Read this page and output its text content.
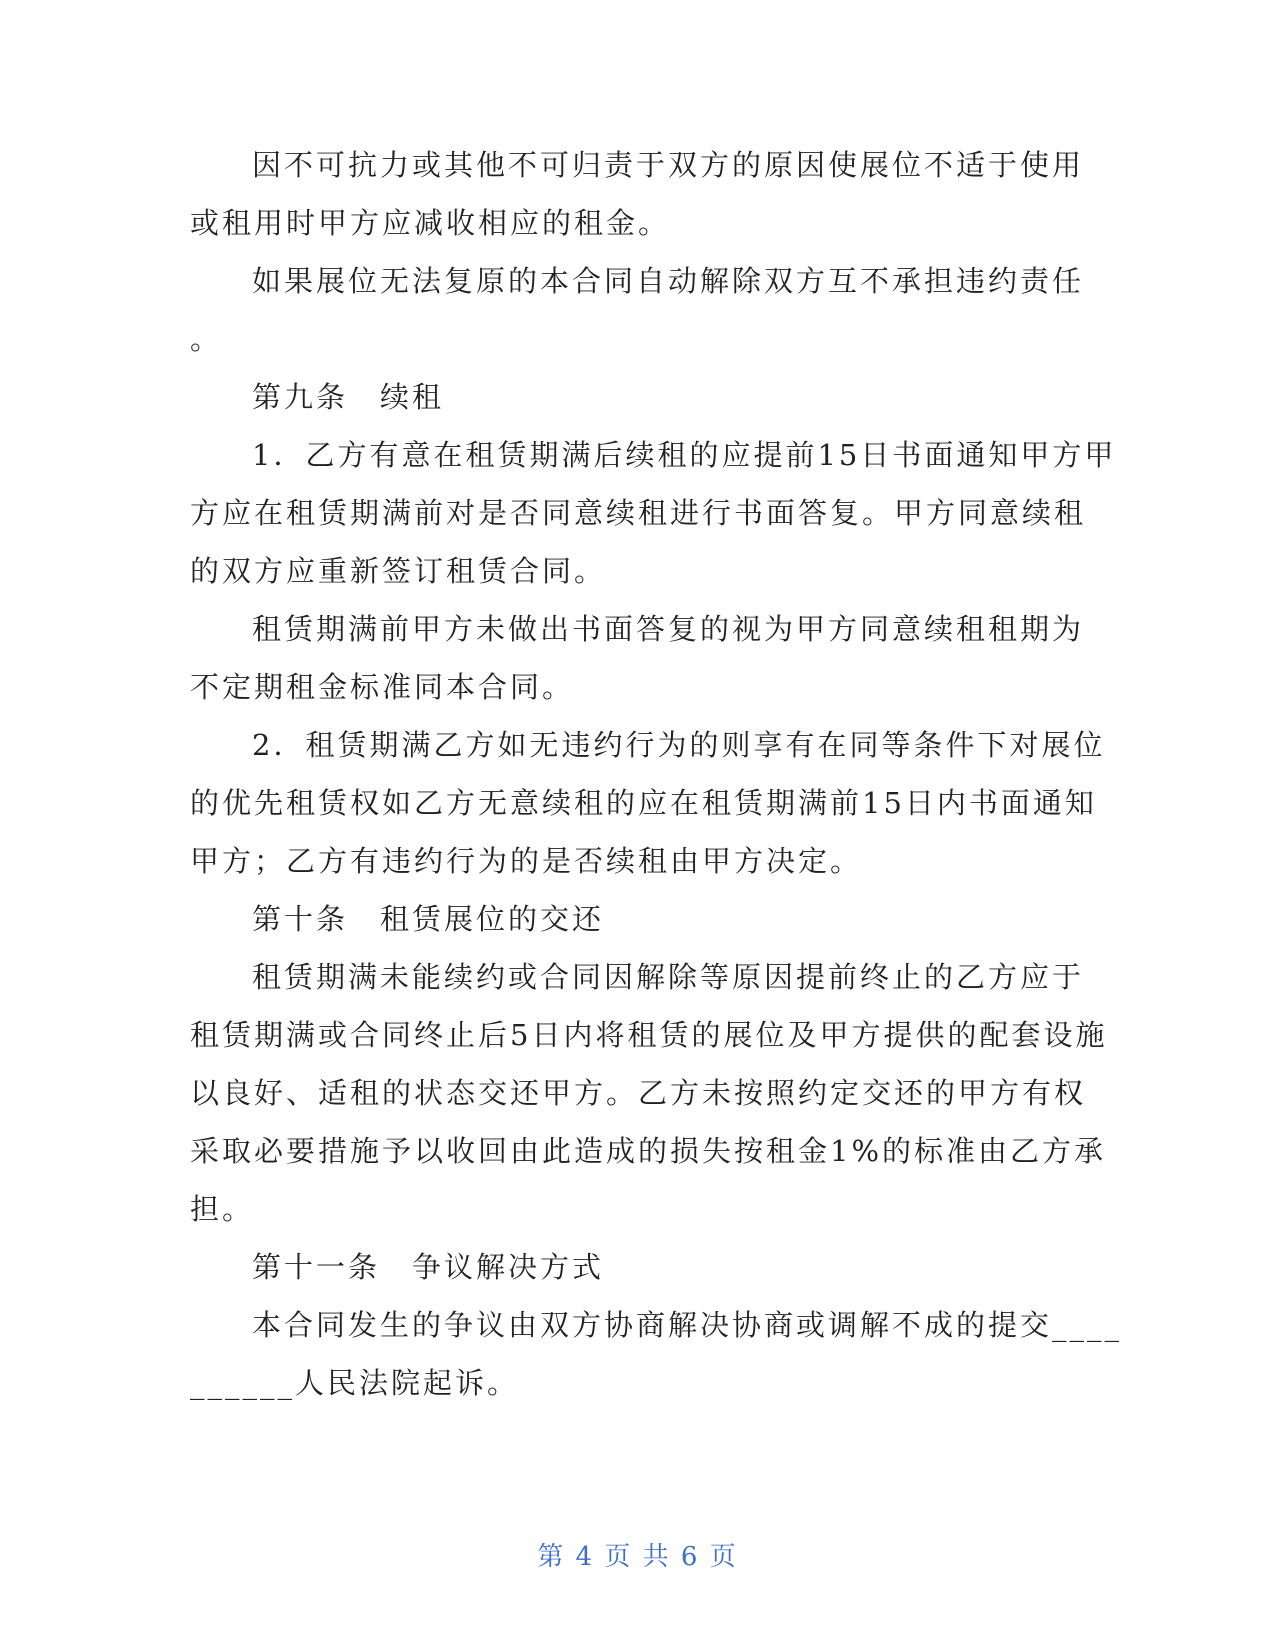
因不可抗力或其他不可归责于双方的原因使展位不适于使用
或租用时甲方应减收相应的租金。
如果展位无法复原的本合同自动解除双方互不承担违约责任
。
第九条　续租
1．乙方有意在租赁期满后续租的应提前15日书面通知甲方甲
方应在租赁期满前对是否同意续租进行书面答复。甲方同意续租
的双方应重新签订租赁合同。
租赁期满前甲方未做出书面答复的视为甲方同意续租租期为
不定期租金标准同本合同。
2．租赁期满乙方如无违约行为的则享有在同等条件下对展位
的优先租赁权如乙方无意续租的应在租赁期满前15日内书面通知
甲方；乙方有违约行为的是否续租由甲方决定。
第十条　租赁展位的交还
租赁期满未能续约或合同因解除等原因提前终止的乙方应于
租赁期满或合同终止后5日内将租赁的展位及甲方提供的配套设施
以良好、适租的状态交还甲方。乙方未按照约定交还的甲方有权
采取必要措施予以收回由此造成的损失按租金1%的标准由乙方承
担。
第十一条　争议解决方式
本合同发生的争议由双方协商解决协商或调解不成的提交____
______人民法院起诉。
第 4 页 共 6 页
